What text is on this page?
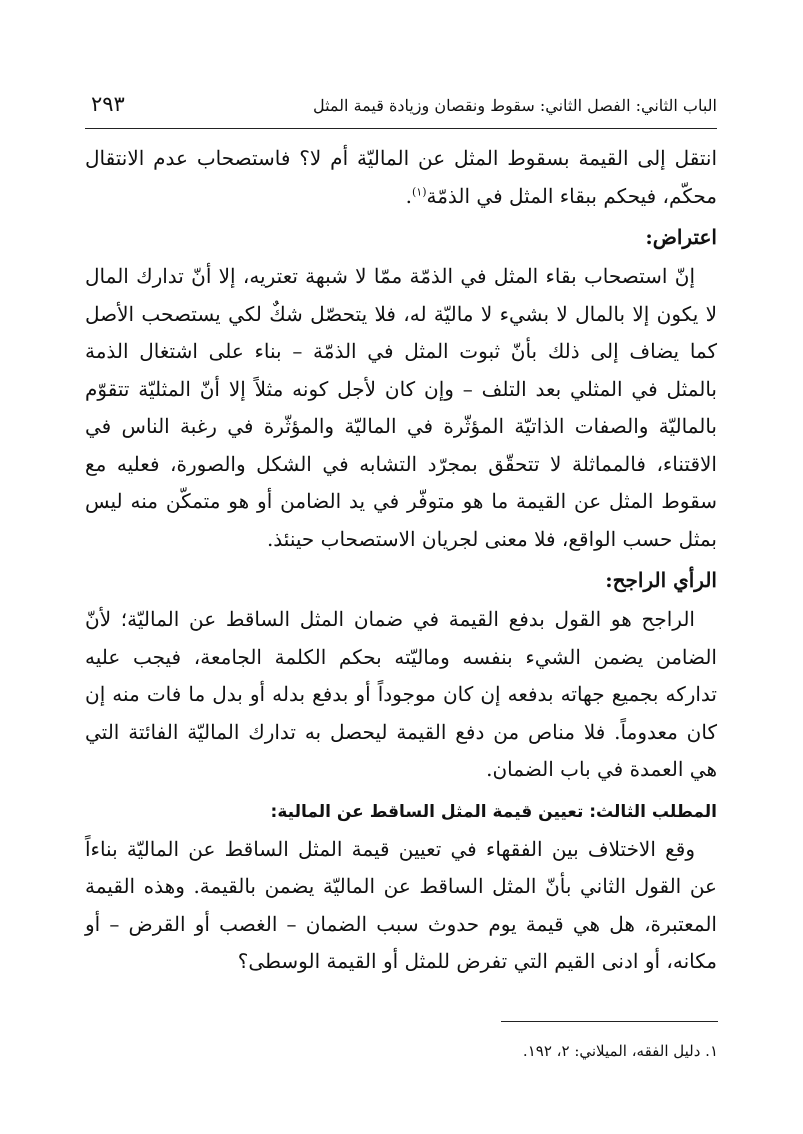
الباب الثاني: الفصل الثاني: سقوط ونقصان وزيادة قيمة المثل
٢٩٣

انتقل إلى القيمة بسقوط المثل عن الماليّة أم لا؟ فاستصحاب عدم الانتقال محكّم، فيحكم ببقاء المثل في الذمّة$^{(١)}$.

اعتراض:

إنّ استصحاب بقاء المثل في الذمّة ممّا لا شبهة تعتريه، إلا أنّ تدارك المال لا يكون إلا بالمال لا بشيء لا ماليّة له، فلا يتحصّل شكٌ لكي يستصحب الأصل كما يضاف إلى ذلك بأنّ ثبوت المثل في الذمّة – بناء على اشتغال الذمة بالمثل في المثلي بعد التلف – وإن كان لأجل كونه مثلاً إلا أنّ المثليّة تتقوّم بالماليّة والصفات الذاتيّة المؤثّرة في الماليّة والمؤثّرة في رغبة الناس في الاقتناء، فالمماثلة لا تتحقّق بمجرّد التشابه في الشكل والصورة، فعليه مع سقوط المثل عن القيمة ما هو متوفّر في يد الضامن أو هو متمكّن منه ليس بمثل حسب الواقع، فلا معنى لجريان الاستصحاب حينئذ.

الرأي الراجح:

الراجح هو القول بدفع القيمة في ضمان المثل الساقط عن الماليّة؛ لأنّ الضامن يضمن الشيء بنفسه وماليّته بحكم الكلمة الجامعة، فيجب عليه تداركه بجميع جهاته بدفعه إن كان موجوداً أو بدفع بدله أو بدل ما فات منه إن كان معدوماً. فلا مناص من دفع القيمة ليحصل به تدارك الماليّة الفائتة التي هي العمدة في باب الضمان.

المطلب الثالث: تعيين قيمة المثل الساقط عن المالية:

وقع الاختلاف بين الفقهاء في تعيين قيمة المثل الساقط عن الماليّة بناءاً عن القول الثاني بأنّ المثل الساقط عن الماليّة يضمن بالقيمة. وهذه القيمة المعتبرة، هل هي قيمة يوم حدوث سبب الضمان – الغصب أو القرض – أو مكانه، أو ادنى القيم التي تفرض للمثل أو القيمة الوسطى؟

١. دليل الفقه، الميلاني: ٢، ١٩٢.
